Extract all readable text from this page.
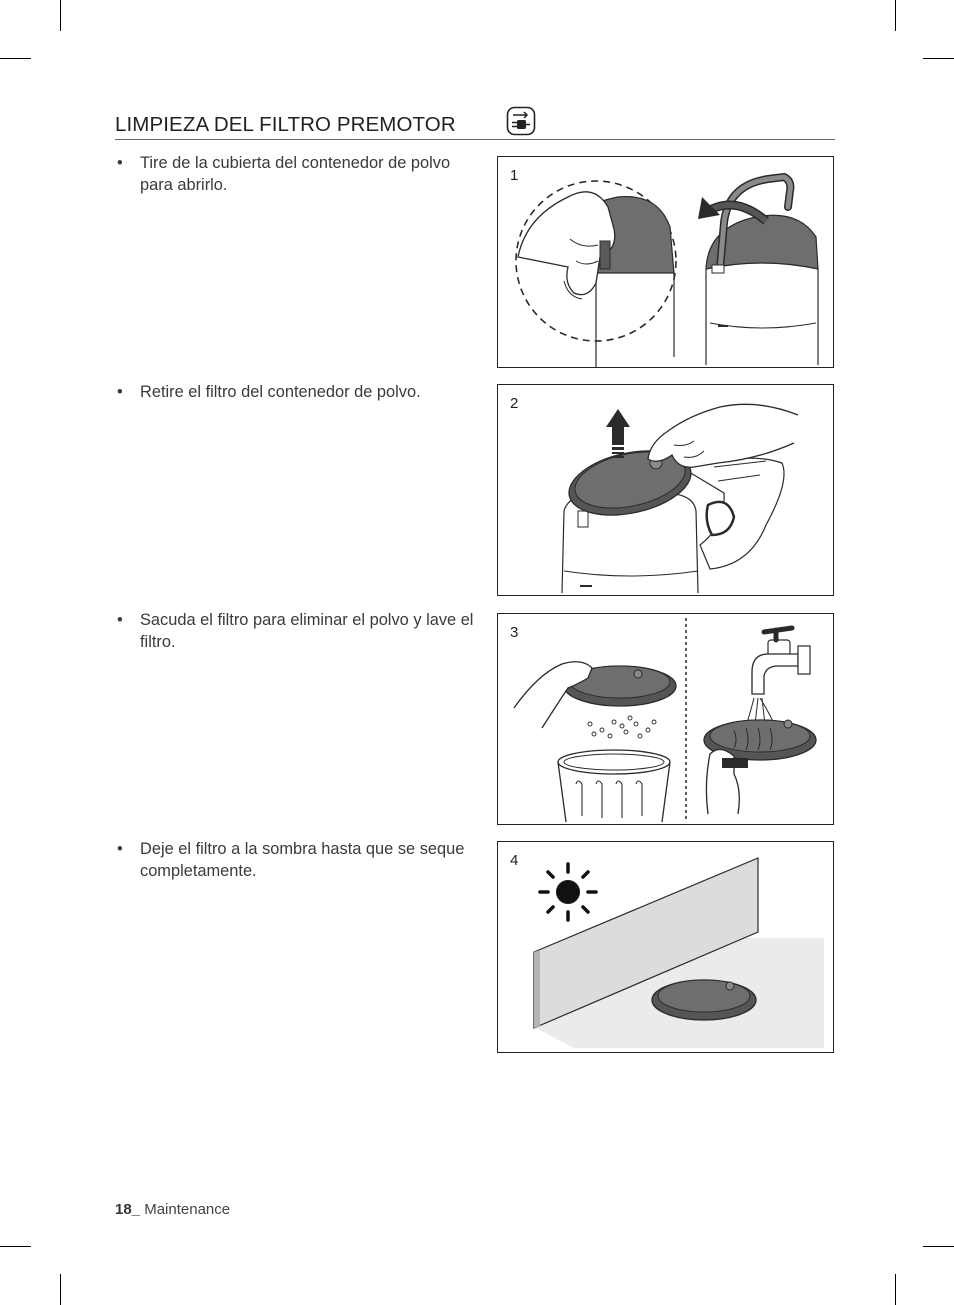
LIMPIEZA DEL FILTRO PREMOTOR
• Tire de la cubierta del contenedor de polvo para abrirlo.
• Retire el filtro del contenedor de polvo.
• Sacuda el filtro para eliminar el polvo y lave el filtro.
• Deje el filtro a la sombra hasta que se seque completamente.
1
2
3
4
18_ Maintenance
